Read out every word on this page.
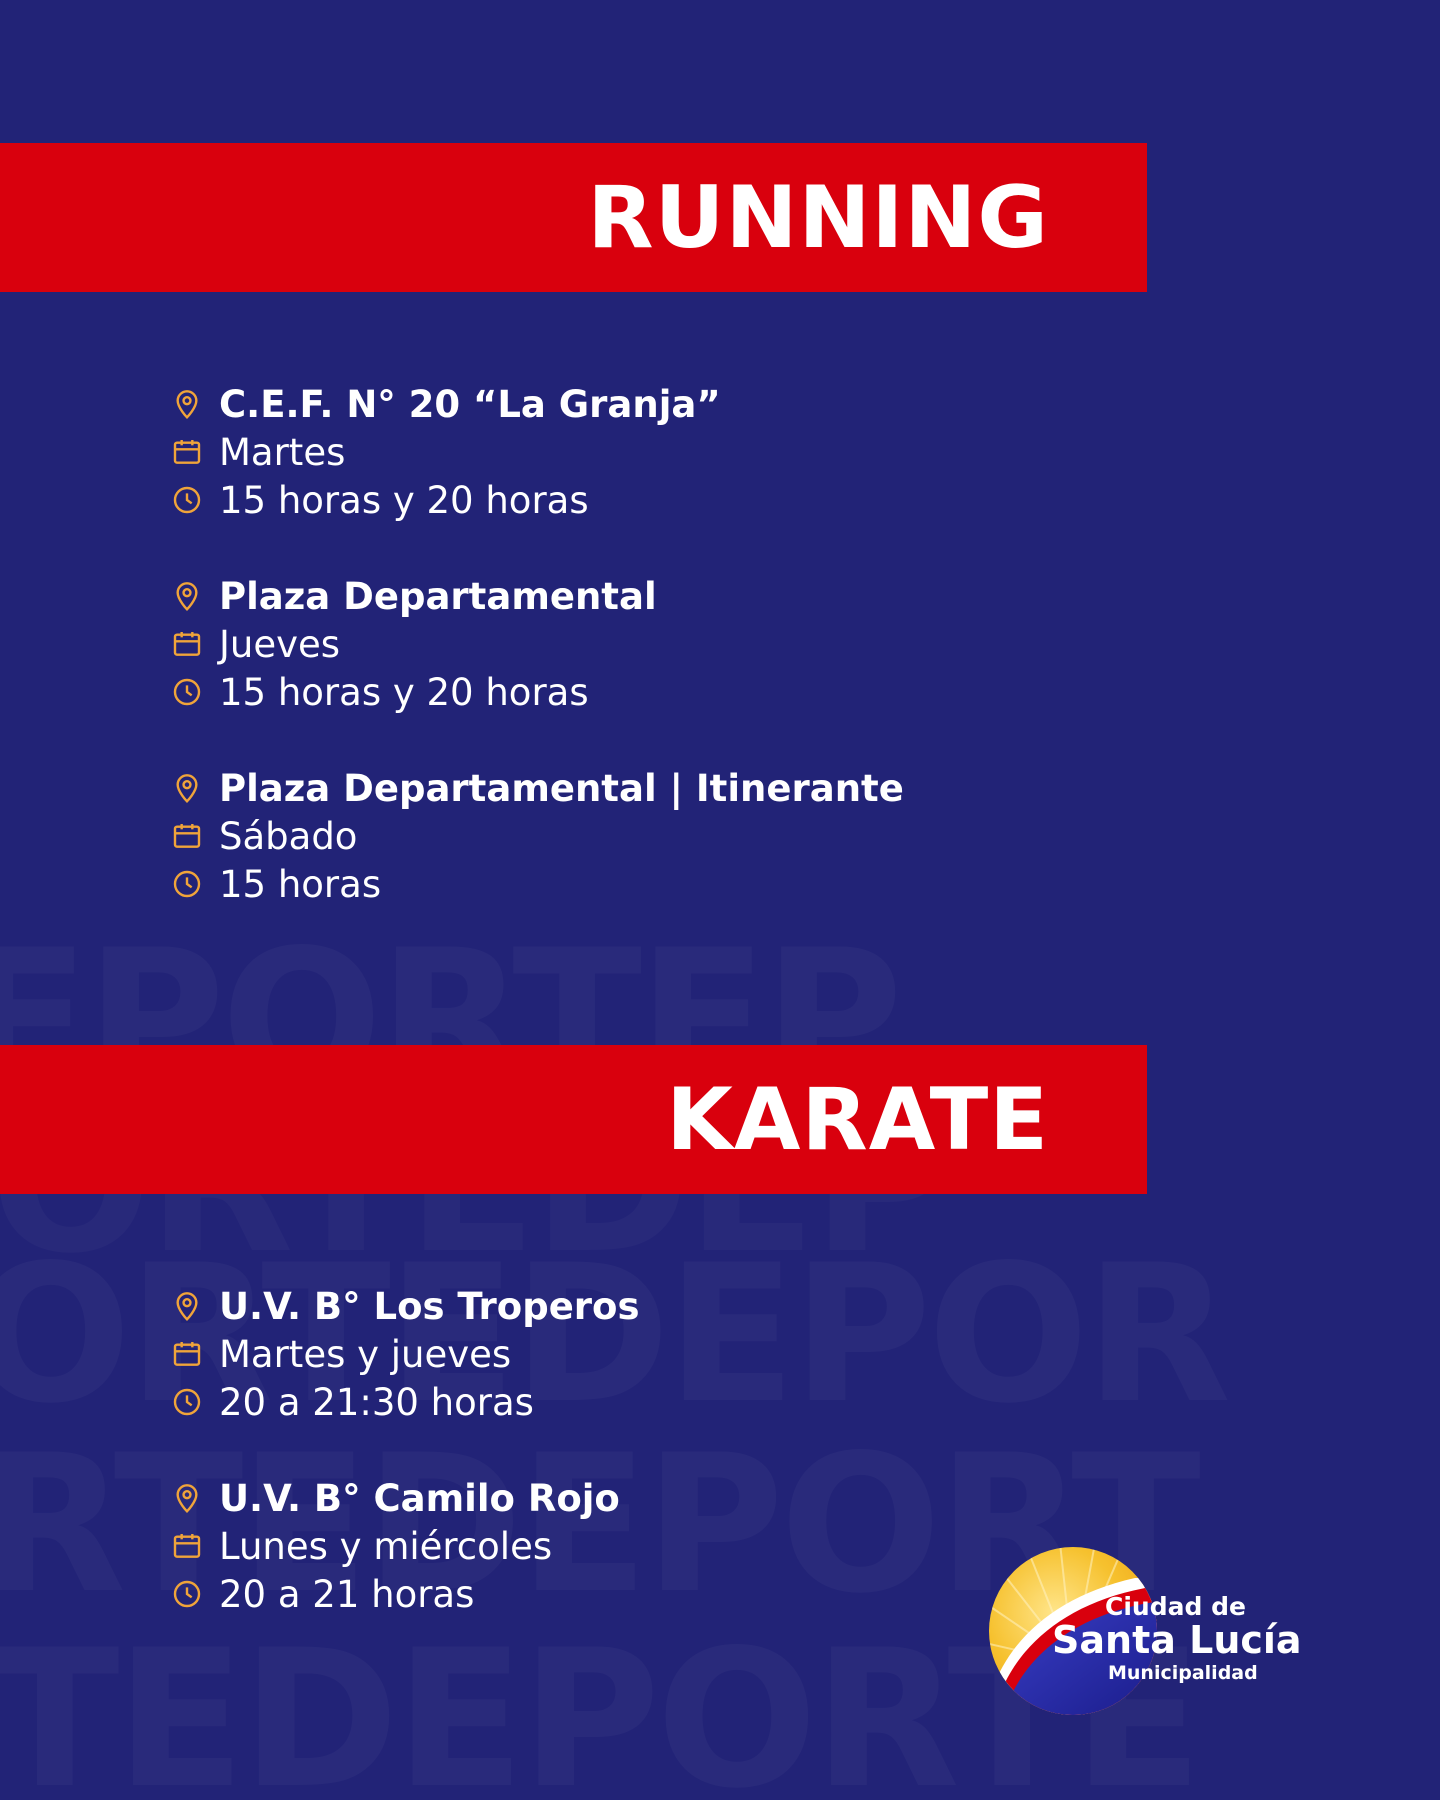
RUNNING
C.E.F. N° 20 “La Granja”
Martes
15 horas y 20 horas
Plaza Departamental
Jueves
15 horas y 20 horas
Plaza Departamental | Itinerante
Sábado
15 horas
KARATE
U.V. B° Los Troperos
Martes y jueves
20 a 21:30 horas
U.V. B° Camilo Rojo
Lunes y miércoles
20 a 21 horas	Ciudad de
Santa Lucía
Municipalidad
